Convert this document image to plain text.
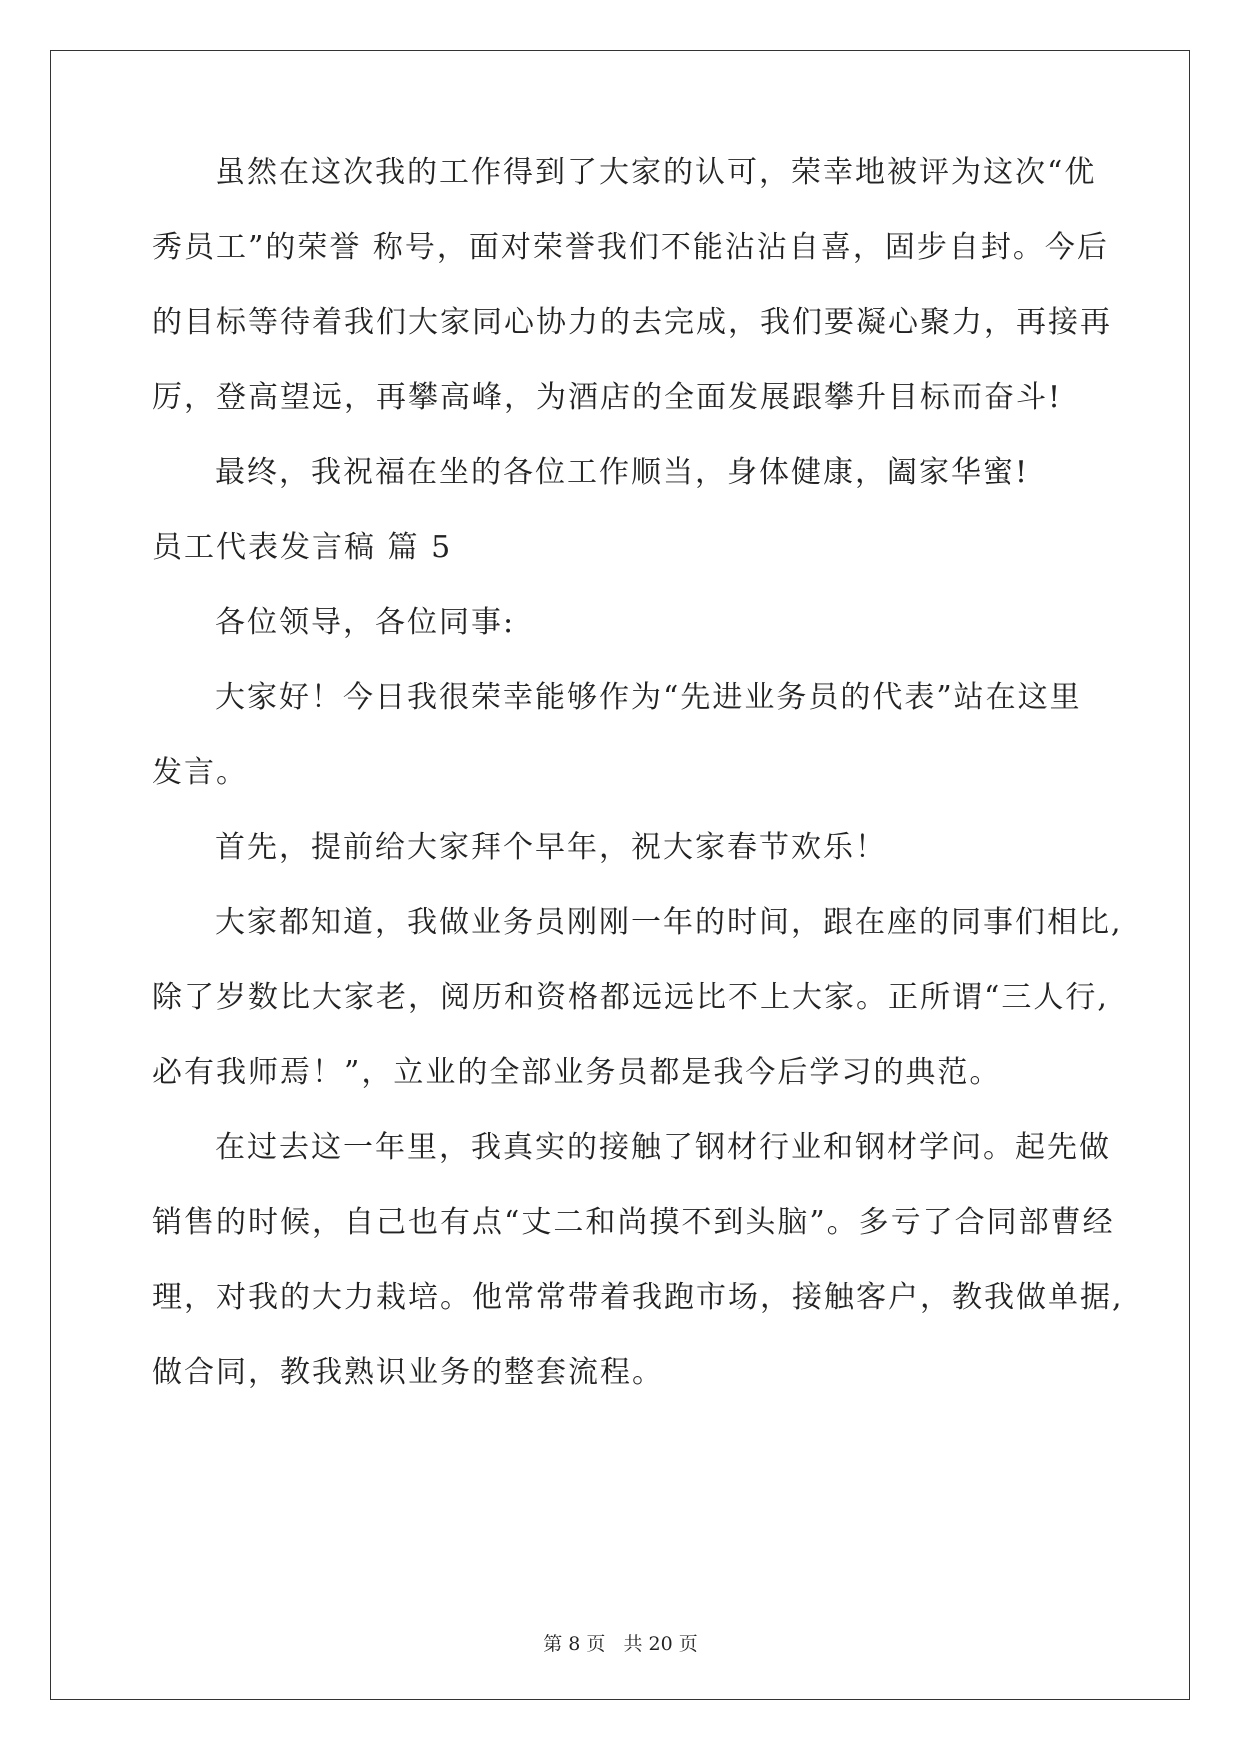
虽然在这次我的工作得到了大家的认可，荣幸地被评为这次“优
秀员工”的荣誉 称号，面对荣誉我们不能沾沾自喜，固步自封。今后
的目标等待着我们大家同心协力的去完成，我们要凝心聚力，再接再
厉，登高望远，再攀高峰，为酒店的全面发展跟攀升目标而奋斗!
最终，我祝福在坐的各位工作顺当，身体健康，阖家华蜜!
员工代表发言稿 篇 5
各位领导，各位同事:
大家好！今日我很荣幸能够作为“先进业务员的代表”站在这里
发言。
首先，提前给大家拜个早年，祝大家春节欢乐！
大家都知道，我做业务员刚刚一年的时间，跟在座的同事们相比,
除了岁数比大家老，阅历和资格都远远比不上大家。正所谓“三人行,
必有我师焉！”，立业的全部业务员都是我今后学习的典范。
在过去这一年里，我真实的接触了钢材行业和钢材学问。起先做
销售的时候，自己也有点“丈二和尚摸不到头脑”。多亏了合同部曹经
理，对我的大力栽培。他常常带着我跑市场，接触客户，教我做单据,
做合同，教我熟识业务的整套流程。
第 8 页 共 20 页
